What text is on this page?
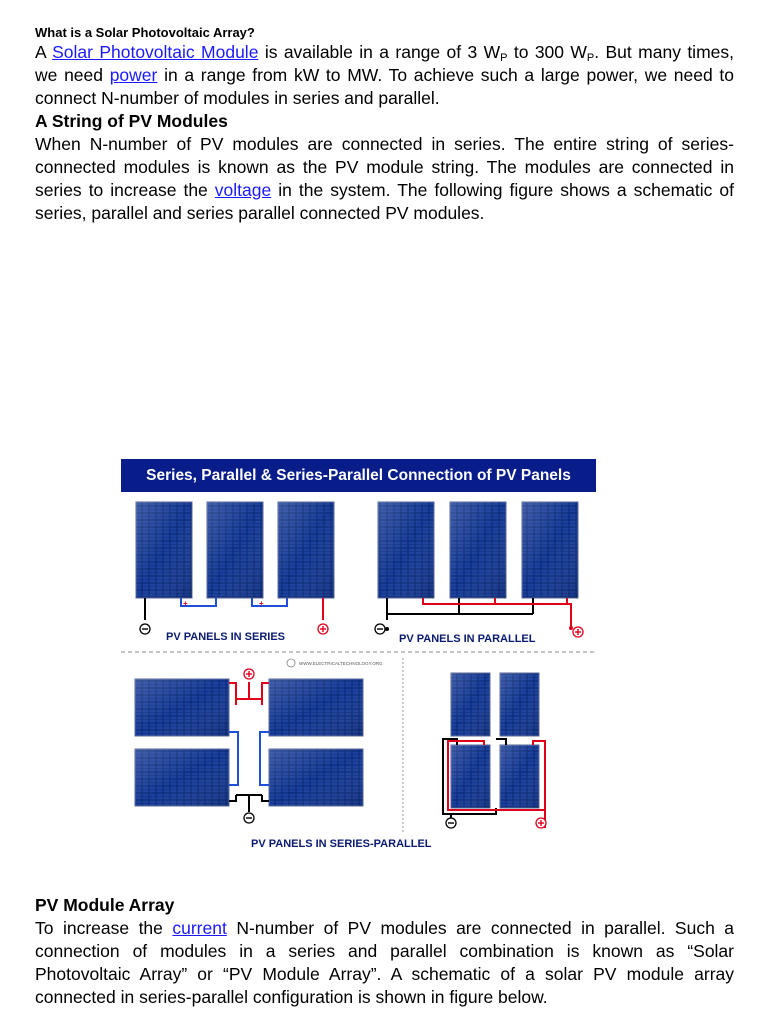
What is a Solar Photovoltaic Array?

A Solar Photovoltaic Module is available in a range of 3 $W_P$ to 300 $W_P$. But many times, we need power in a range from kW to MW. To achieve such a large power, we need to connect N-number of modules in series and parallel.

A String of PV Modules

When N-number of PV modules are connected in series. The entire string of series-connected modules is known as the PV module string. The modules are connected in series to increase the voltage in the system. The following figure shows a schematic of series, parallel and series parallel connected PV modules.

Series, Parallel & Series-Parallel Connection of PV Panels
+	+
PV PANELS IN SERIES	PV PANELS IN PARALLEL
WWW.ELECTRICALTECHNOLOGY.ORG
PV PANELS IN SERIES-PARALLEL

PV Module Array

To increase the current N-number of PV modules are connected in parallel. Such a connection of modules in a series and parallel combination is known as “Solar Photovoltaic Array” or “PV Module Array”. A schematic of a solar PV module array connected in series-parallel configuration is shown in figure below.
